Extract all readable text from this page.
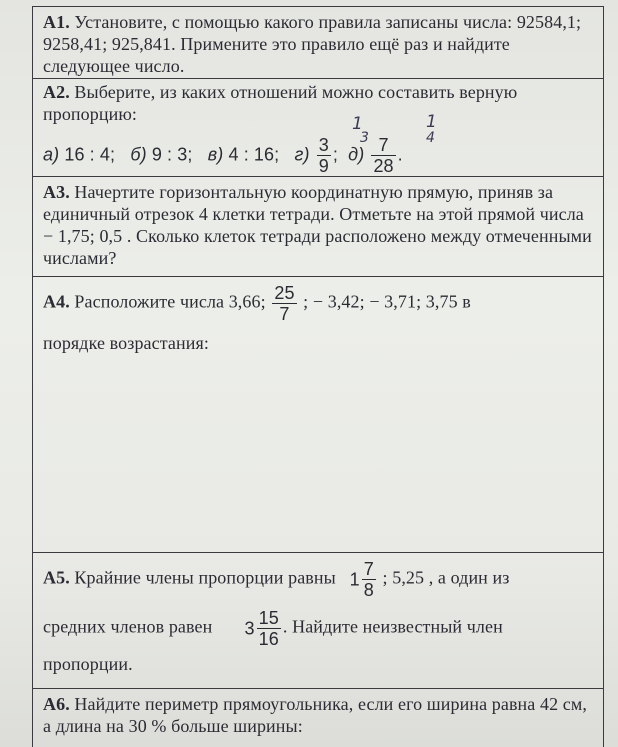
А1. Установите, с помощью какого правила записаны числа: 92584,1; 9258,41; 925,841. Примените это правило ещё раз и найдите следующее число.
А2. Выберите, из каких отношений можно составить верную пропорцию:
а) 16 : 4; б) 9 : 3; в) 4 : 16; $г) \frac{3}{9}$ ; $д) \frac{7}{28}$ .
1
3
1
4
А3. Начертите горизонтальную координатную прямую, приняв за единичный отрезок 4 клетки тетради. Отметьте на этой прямой числа − 1,75; 0,5 . Сколько клеток тетради расположено между отмеченными числами?
А4. Расположите числа 3,66; $\frac{25}{7}$ ; − 3,42; − 3,71; 3,75 в
порядке возрастания:
А5. Крайние члены пропорции равны $1 \frac{7}{8}$ ; 5,25 , а один из
средних членов равен $3 \frac{15}{16}$ . Найдите неизвестный член
пропорции.
А6. Найдите периметр прямоугольника, если его ширина равна 42 см, а длина на 30 % больше ширины:
